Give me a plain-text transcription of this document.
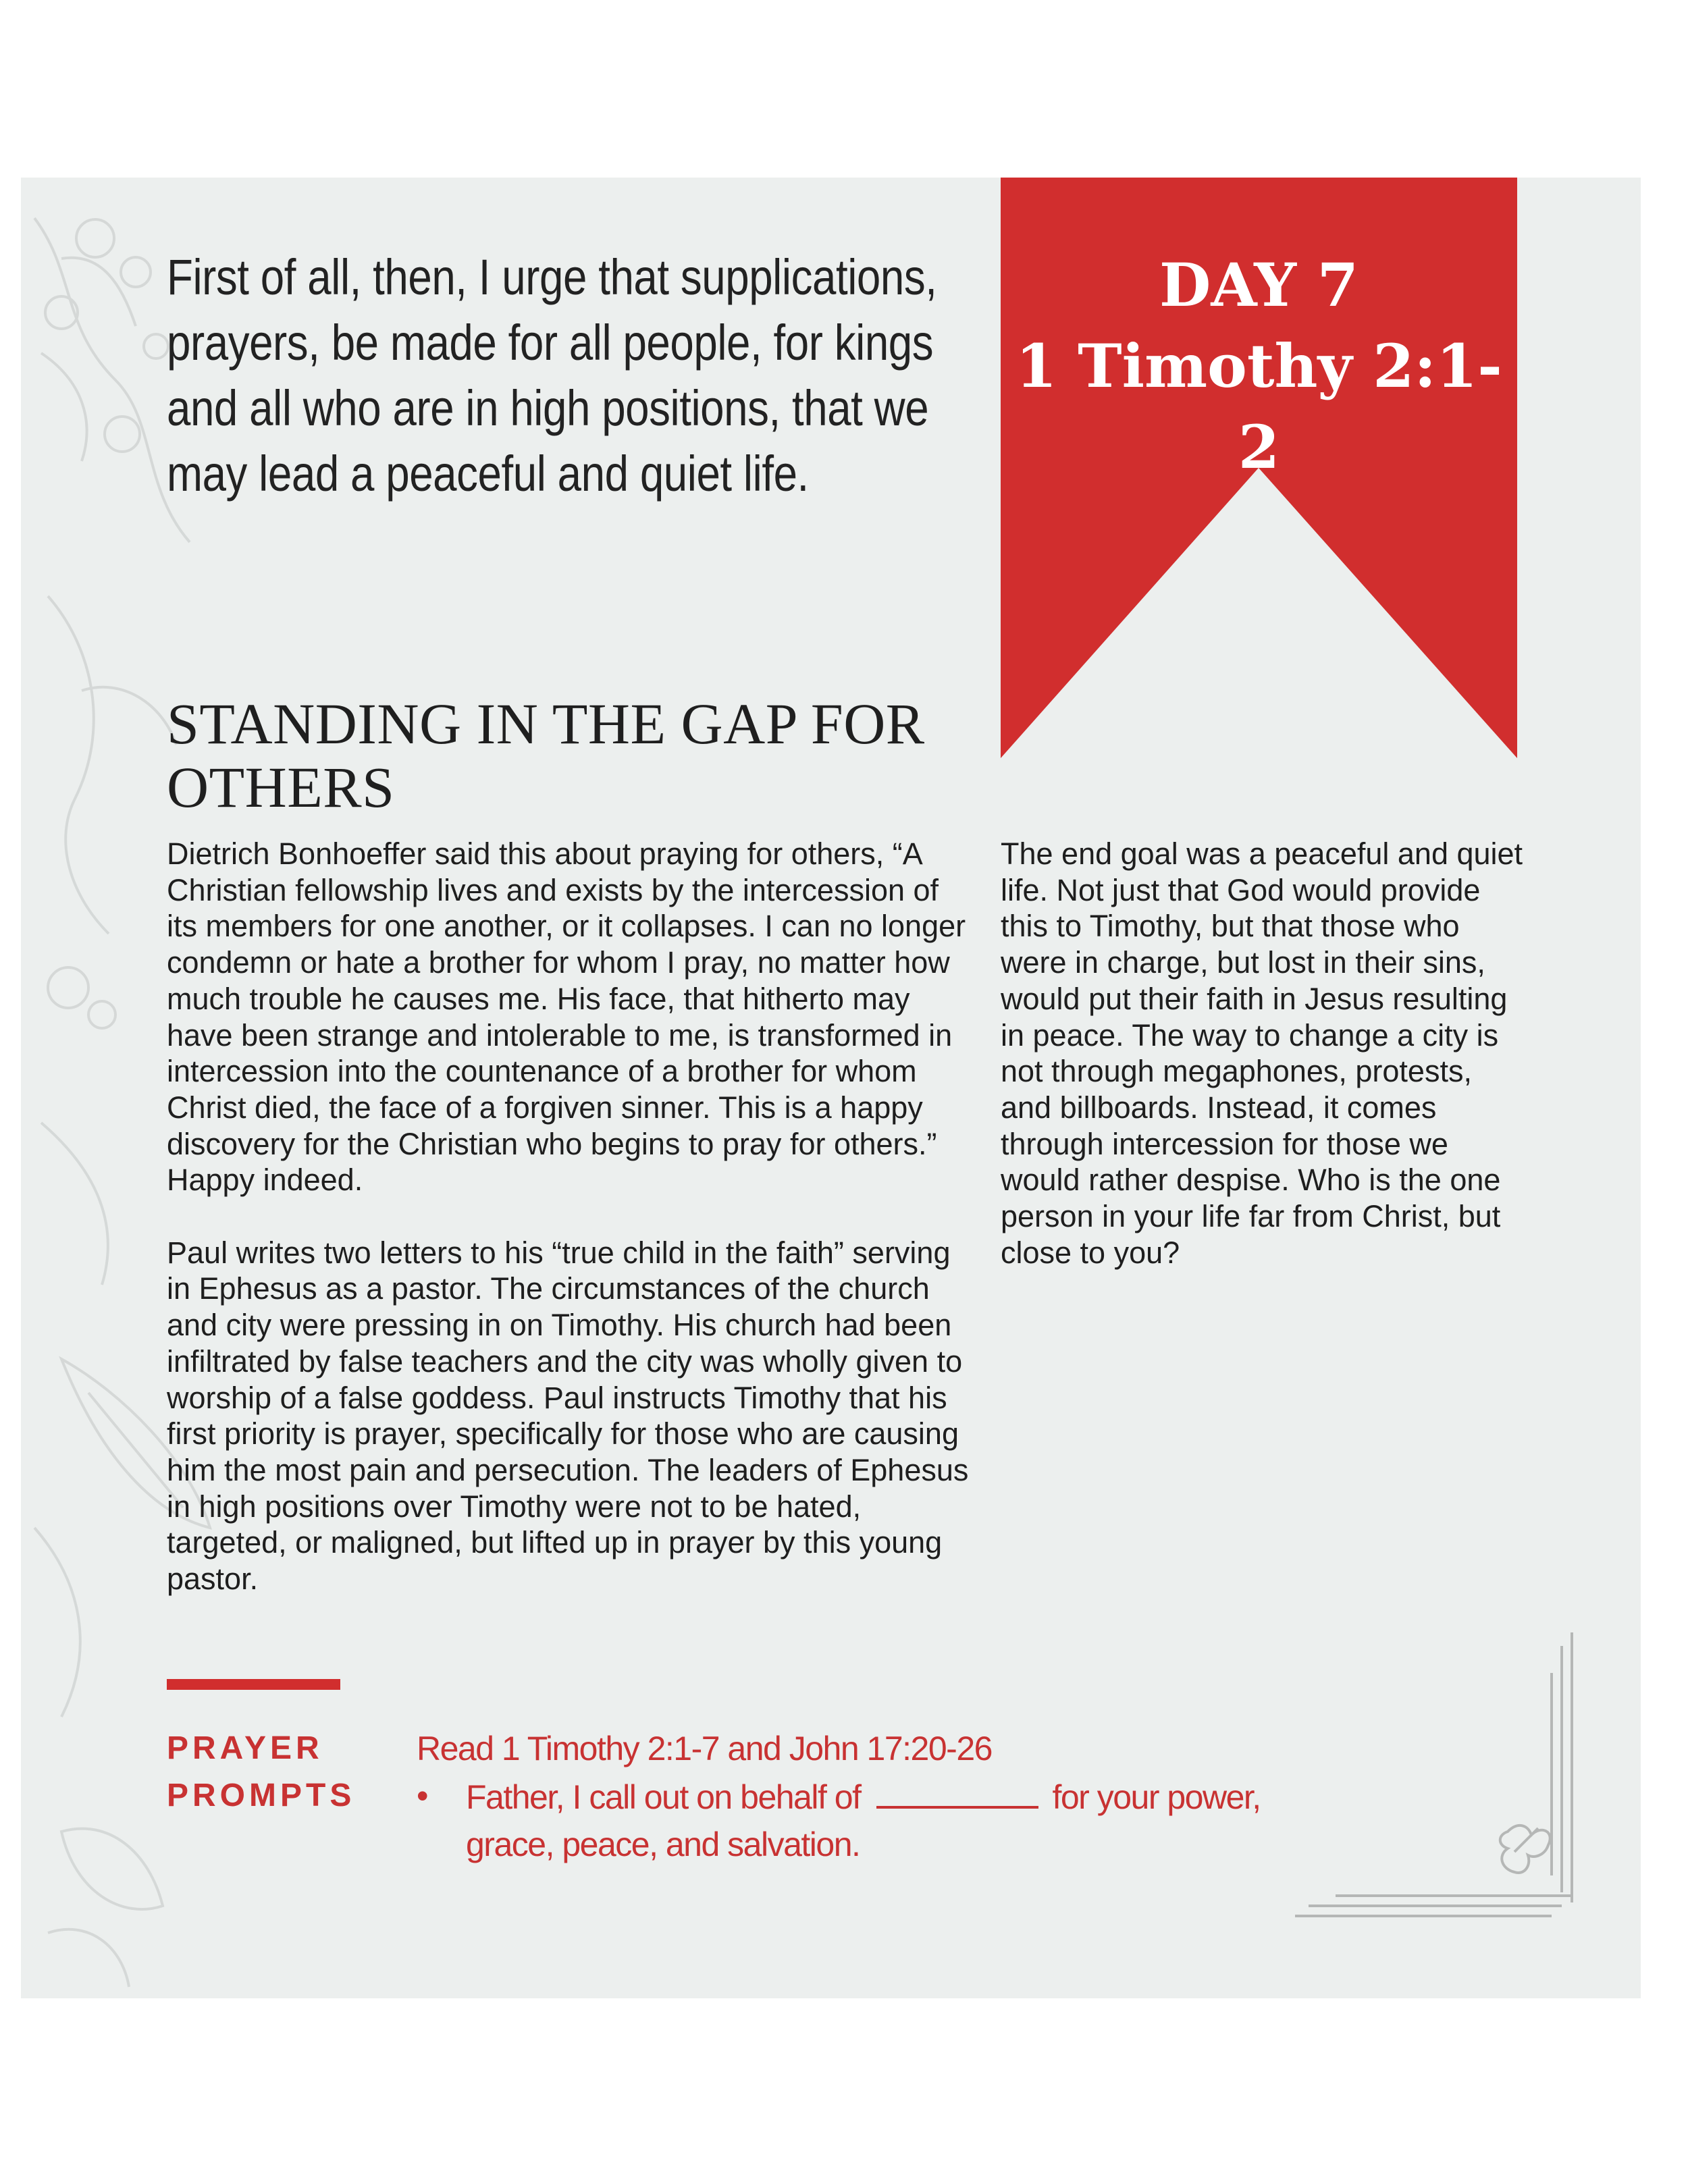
First of all, then, I urge that supplications,
prayers, be made for all people, for kings
and all who are in high positions, that we
may lead a peaceful and quiet life.
DAY 7
1 Timothy 2:1-2
STANDING IN THE GAP FOR
OTHERS

Dietrich Bonhoeffer said this about praying for others, “A Christian fellowship lives and exists by the intercession of its members for one another, or it collapses. I can no longer condemn or hate a brother for whom I pray, no matter how much trouble he causes me. His face, that hitherto may have been strange and intolerable to me, is transformed in intercession into the countenance of a brother for whom Christ died, the face of a forgiven sinner. This is a happy discovery for the Christian who begins to pray for others.” Happy indeed.

Paul writes two letters to his “true child in the faith” serving in Ephesus as a pastor. The circumstances of the church and city were pressing in on Timothy. His church had been infiltrated by false teachers and the city was wholly given to worship of a false goddess. Paul instructs Timothy that his first priority is prayer, specifically for those who are causing him the most pain and persecution. The leaders of Ephesus in high positions over Timothy were not to be hated, targeted, or maligned, but lifted up in prayer by this young pastor.

The end goal was a peaceful and quiet life. Not just that God would provide this to Timothy, but that those who were in charge, but lost in their sins, would put their faith in Jesus resulting in peace. The way to change a city is not through megaphones, protests, and billboards. Instead, it comes through intercession for those we would rather despise. Who is the one person in your life far from Christ, but close to you?

PRAYER
PROMPTS
Read 1 Timothy 2:1-7 and John 17:20-26
• Father, I call out on behalf of	for your power,
grace, peace, and salvation.
